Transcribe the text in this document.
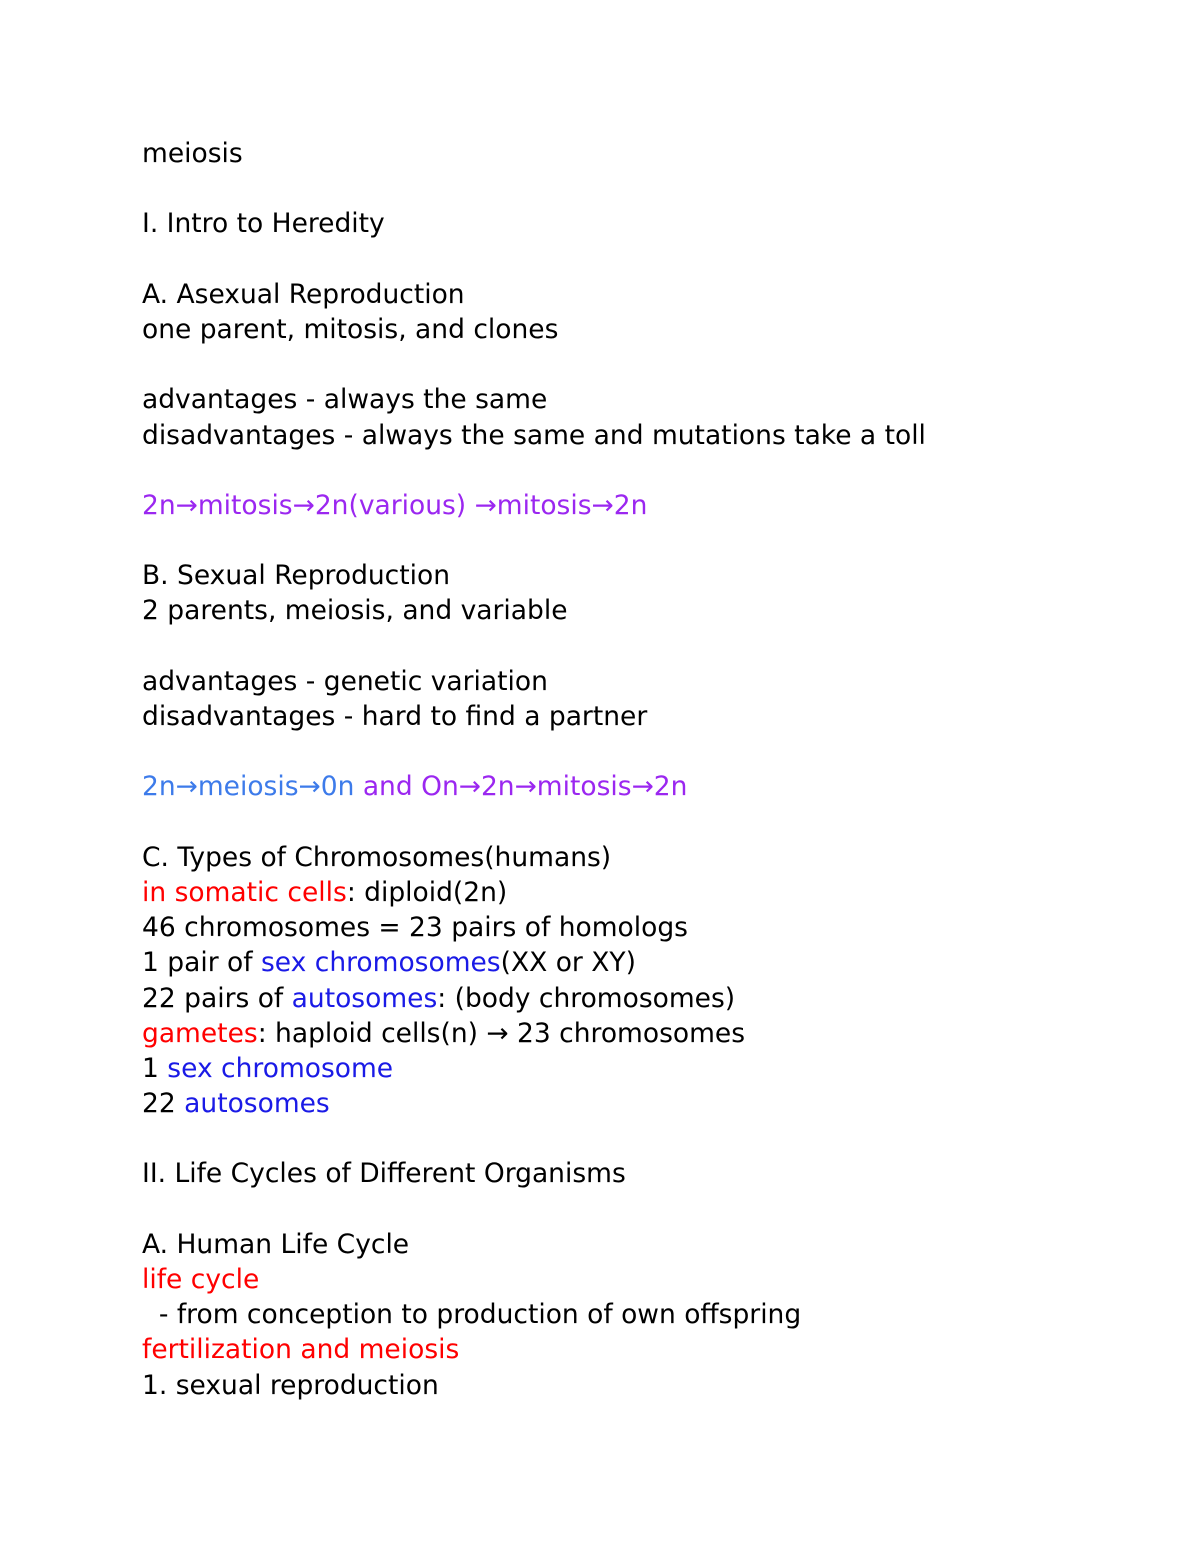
meiosis
I. Intro to Heredity
A. Asexual Reproduction
one parent, mitosis, and clones
advantages - always the same
disadvantages - always the same and mutations take a toll
2n→mitosis→2n(various) →mitosis→2n
B. Sexual Reproduction
2 parents, meiosis, and variable
advantages - genetic variation
disadvantages - hard to find a partner
2n→meiosis→0n and On→2n→mitosis→2n
C. Types of Chromosomes(humans)
in somatic cells: diploid(2n)
46 chromosomes = 23 pairs of homologs
1 pair of sex chromosomes(XX or XY)
22 pairs of autosomes: (body chromosomes)
gametes: haploid cells(n) → 23 chromosomes
1 sex chromosome
22 autosomes
II. Life Cycles of Different Organisms
A. Human Life Cycle
life cycle
- from conception to production of own offspring
fertilization and meiosis
1. sexual reproduction
